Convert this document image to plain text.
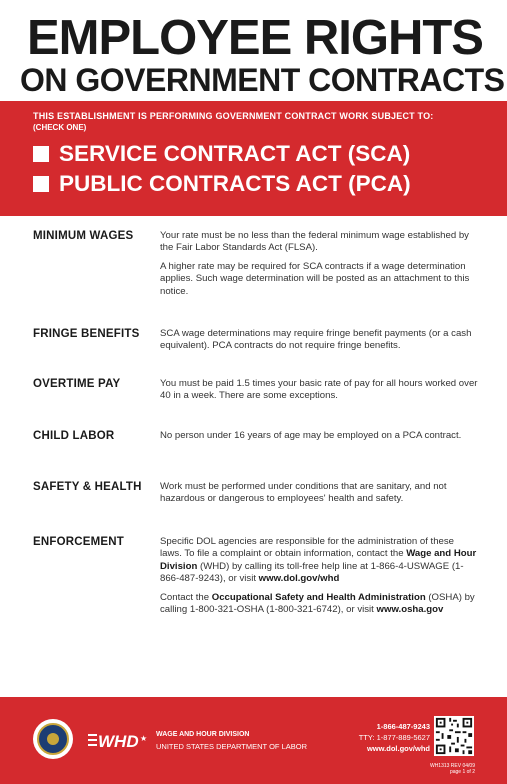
EMPLOYEE RIGHTS
ON GOVERNMENT CONTRACTS
THIS ESTABLISHMENT IS PERFORMING GOVERNMENT CONTRACT WORK SUBJECT TO:
(CHECK ONE)
SERVICE CONTRACT ACT (SCA)
PUBLIC CONTRACTS ACT (PCA)
MINIMUM WAGES	Your rate must be no less than the federal minimum wage established by the Fair Labor Standards Act (FLSA).

A higher rate may be required for SCA contracts if a wage determination applies. Such wage determination will be posted as an attachment to this notice.

FRINGE BENEFITS	SCA wage determinations may require fringe benefit payments (or a cash equivalent). PCA contracts do not require fringe benefits.

OVERTIME PAY	You must be paid 1.5 times your basic rate of pay for all hours worked over 40 in a week. There are some exceptions.

CHILD LABOR	No person under 16 years of age may be employed on a PCA contract.

SAFETY & HEALTH	Work must be performed under conditions that are sanitary, and not hazardous or dangerous to employees' health and safety.

ENFORCEMENT	Specific DOL agencies are responsible for the administration of these laws. To file a complaint or obtain information, contact the Wage and Hour Division (WHD) by calling its toll-free help line at 1-866-4-USWAGE (1-866-487-9243), or visit www.dol.gov/whd

Contact the Occupational Safety and Health Administration (OSHA) by calling 1-800-321-OSHA (1-800-321-6742), or visit www.osha.gov

WHD ★ WAGE AND HOUR DIVISION
UNITED STATES DEPARTMENT OF LABOR
1-866-487-9243
TTY: 1-877-889-5627
www.dol.gov/whd
WH1313 REV 04/09
page 1 of 2
